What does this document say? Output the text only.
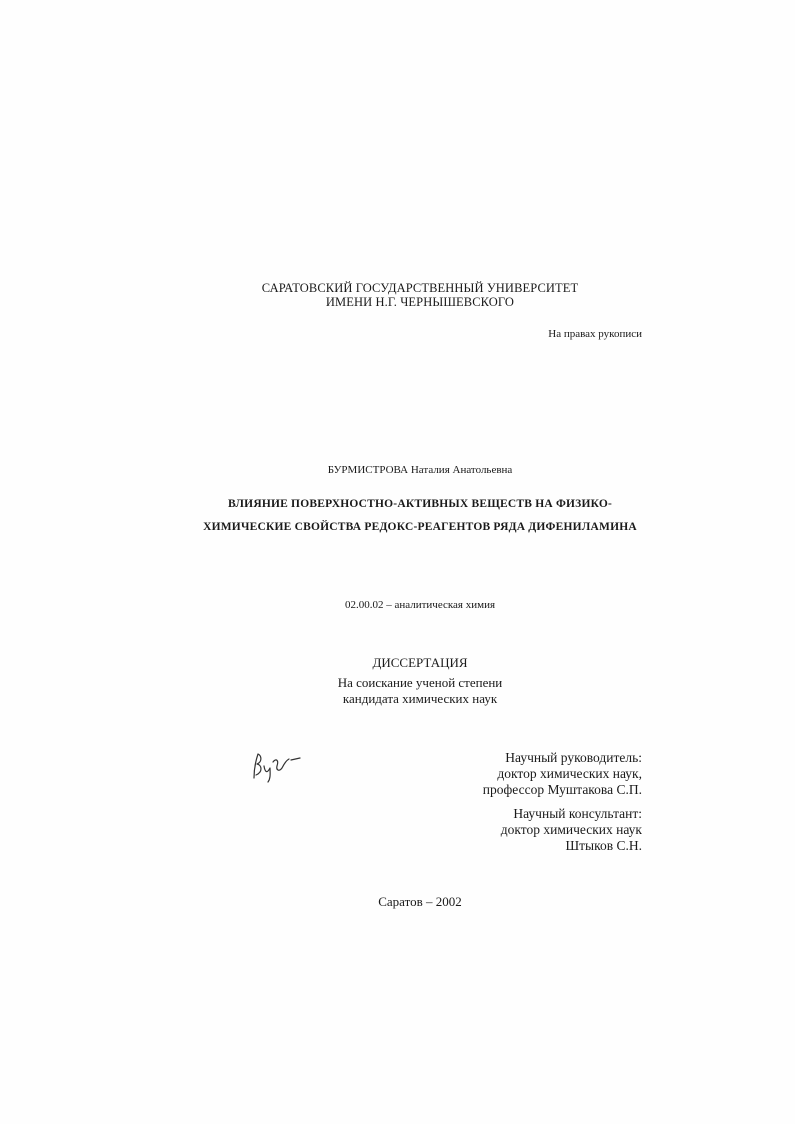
САРАТОВСКИЙ ГОСУДАРСТВЕННЫЙ УНИВЕРСИТЕТ

ИМЕНИ Н.Г. ЧЕРНЫШЕВСКОГО

На правах рукописи

БУРМИСТРОВА Наталия Анатольевна

ВЛИЯНИЕ ПОВЕРХНОСТНО-АКТИВНЫХ ВЕЩЕСТВ НА ФИЗИКО-

ХИМИЧЕСКИЕ СВОЙСТВА РЕДОКС-РЕАГЕНТОВ РЯДА ДИФЕНИЛАМИНА

02.00.02 – аналитическая химия

ДИССЕРТАЦИЯ

На соискание ученой степени

кандидата химических наук

Научный руководитель:
доктор химических наук,
профессор Муштакова С.П.
Научный консультант:
доктор химических наук
Штыков С.Н.

Саратов – 2002
